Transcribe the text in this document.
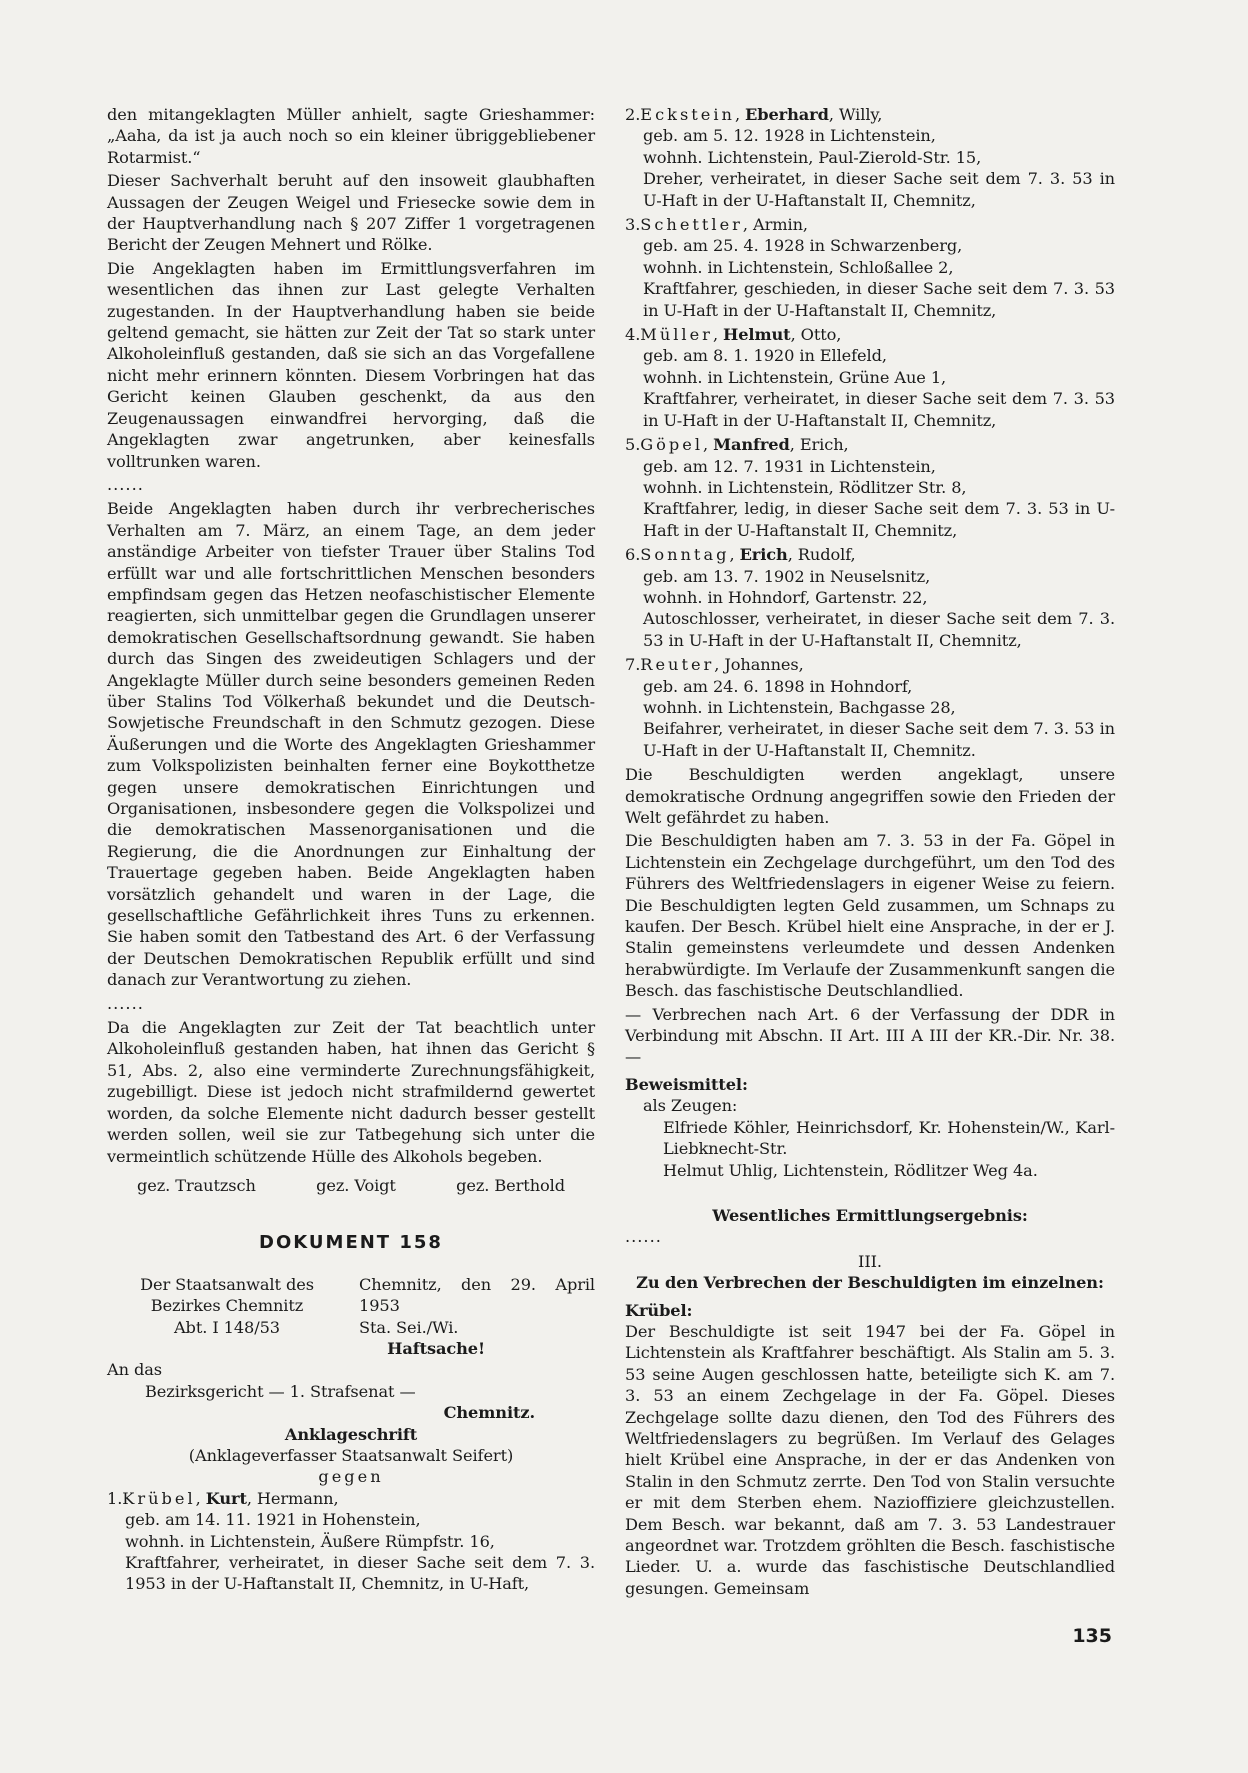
den mitangeklagten Müller anhielt, sagte Grieshammer: „Aaha, da ist ja auch noch so ein kleiner übriggebliebener Rotarmist.“

Dieser Sachverhalt beruht auf den insoweit glaubhaften Aussagen der Zeugen Weigel und Friesecke sowie dem in der Hauptverhandlung nach § 207 Ziffer 1 vorgetragenen Bericht der Zeugen Mehnert und Rölke.

Die Angeklagten haben im Ermittlungsverfahren im wesentlichen das ihnen zur Last gelegte Verhalten zugestanden. In der Hauptverhandlung haben sie beide geltend gemacht, sie hätten zur Zeit der Tat so stark unter Alkoholeinfluß gestanden, daß sie sich an das Vorgefallene nicht mehr erinnern könnten. Diesem Vorbringen hat das Gericht keinen Glauben geschenkt, da aus den Zeugenaussagen einwandfrei hervorging, daß die Angeklagten zwar angetrunken, aber keinesfalls volltrunken waren.

......

Beide Angeklagten haben durch ihr verbrecherisches Verhalten am 7. März, an einem Tage, an dem jeder anständige Arbeiter von tiefster Trauer über Stalins Tod erfüllt war und alle fortschrittlichen Menschen besonders empfindsam gegen das Hetzen neofaschistischer Elemente reagierten, sich unmittelbar gegen die Grundlagen unserer demokratischen Gesellschaftsordnung gewandt. Sie haben durch das Singen des zweideutigen Schlagers und der Angeklagte Müller durch seine besonders gemeinen Reden über Stalins Tod Völkerhaß bekundet und die Deutsch-Sowjetische Freundschaft in den Schmutz gezogen. Diese Äußerungen und die Worte des Angeklagten Grieshammer zum Volkspolizisten beinhalten ferner eine Boykotthetze gegen unsere demokratischen Einrichtungen und Organisationen, insbesondere gegen die Volkspolizei und die demokratischen Massenorganisationen und die Regierung, die die Anordnungen zur Einhaltung der Trauertage gegeben haben. Beide Angeklagten haben vorsätzlich gehandelt und waren in der Lage, die gesellschaftliche Gefährlichkeit ihres Tuns zu erkennen. Sie haben somit den Tatbestand des Art. 6 der Verfassung der Deutschen Demokratischen Republik erfüllt und sind danach zur Verantwortung zu ziehen.

......

Da die Angeklagten zur Zeit der Tat beachtlich unter Alkoholeinfluß gestanden haben, hat ihnen das Gericht § 51, Abs. 2, also eine verminderte Zurechnungsfähigkeit, zugebilligt. Diese ist jedoch nicht strafmildernd gewertet worden, da solche Elemente nicht dadurch besser gestellt werden sollen, weil sie zur Tatbegehung sich unter die vermeintlich schützende Hülle des Alkohols begeben.

gez. Trautzsch	gez. Voigt	gez. Berthold
DOKUMENT 158
Der Staatsanwalt des
Bezirkes Chemnitz
Abt. I 148/53
Chemnitz, den 29. April 1953
Sta. Sei./Wi.
Haftsache!
An das
Bezirksgericht — 1. Strafsenat —
Chemnitz.
Anklageschrift
(Anklageverfasser Staatsanwalt Seifert)
gegen
1.Krübel, Kurt, Hermann,
geb. am 14. 11. 1921 in Hohenstein,
wohnh. in Lichtenstein, Äußere Rümpfstr. 16,
Kraftfahrer, verheiratet, in dieser Sache seit dem 7. 3. 1953 in der U-Haftanstalt II, Chemnitz, in U-Haft,
2.Eckstein, Eberhard, Willy,
geb. am 5. 12. 1928 in Lichtenstein,
wohnh. Lichtenstein, Paul-Zierold-Str. 15,
Dreher, verheiratet, in dieser Sache seit dem 7. 3. 53 in U-Haft in der U-Haftanstalt II, Chemnitz,
3.Schettler, Armin,
geb. am 25. 4. 1928 in Schwarzenberg,
wohnh. in Lichtenstein, Schloßallee 2,
Kraftfahrer, geschieden, in dieser Sache seit dem 7. 3. 53 in U-Haft in der U-Haftanstalt II, Chemnitz,
4.Müller, Helmut, Otto,
geb. am 8. 1. 1920 in Ellefeld,
wohnh. in Lichtenstein, Grüne Aue 1,
Kraftfahrer, verheiratet, in dieser Sache seit dem 7. 3. 53 in U-Haft in der U-Haftanstalt II, Chemnitz,
5.Göpel, Manfred, Erich,
geb. am 12. 7. 1931 in Lichtenstein,
wohnh. in Lichtenstein, Rödlitzer Str. 8,
Kraftfahrer, ledig, in dieser Sache seit dem 7. 3. 53 in U-Haft in der U-Haftanstalt II, Chemnitz,
6.Sonntag, Erich, Rudolf,
geb. am 13. 7. 1902 in Neuselsnitz,
wohnh. in Hohndorf, Gartenstr. 22,
Autoschlosser, verheiratet, in dieser Sache seit dem 7. 3. 53 in U-Haft in der U-Haftanstalt II, Chemnitz,
7.Reuter, Johannes,
geb. am 24. 6. 1898 in Hohndorf,
wohnh. in Lichtenstein, Bachgasse 28,
Beifahrer, verheiratet, in dieser Sache seit dem 7. 3. 53 in U-Haft in der U-Haftanstalt II, Chemnitz.

Die Beschuldigten werden angeklagt, unsere demokratische Ordnung angegriffen sowie den Frieden der Welt gefährdet zu haben.

Die Beschuldigten haben am 7. 3. 53 in der Fa. Göpel in Lichtenstein ein Zechgelage durchgeführt, um den Tod des Führers des Weltfriedenslagers in eigener Weise zu feiern. Die Beschuldigten legten Geld zusammen, um Schnaps zu kaufen. Der Besch. Krübel hielt eine Ansprache, in der er J. Stalin gemeinstens verleumdete und dessen Andenken herabwürdigte. Im Verlaufe der Zusammenkunft sangen die Besch. das faschistische Deutschlandlied.

— Verbrechen nach Art. 6 der Verfassung der DDR in Verbindung mit Abschn. II Art. III A III der KR.-Dir. Nr. 38. —

Beweismittel:
als Zeugen:
Elfriede Köhler, Heinrichsdorf, Kr. Hohenstein/W., Karl-Liebknecht-Str.
Helmut Uhlig, Lichtenstein, Rödlitzer Weg 4a.
Wesentliches Ermittlungsergebnis:
......
III.
Zu den Verbrechen der Beschuldigten im einzelnen:
Krübel:

Der Beschuldigte ist seit 1947 bei der Fa. Göpel in Lichtenstein als Kraftfahrer beschäftigt. Als Stalin am 5. 3. 53 seine Augen geschlossen hatte, beteiligte sich K. am 7. 3. 53 an einem Zechgelage in der Fa. Göpel. Dieses Zechgelage sollte dazu dienen, den Tod des Führers des Weltfriedenslagers zu begrüßen. Im Verlauf des Gelages hielt Krübel eine Ansprache, in der er das Andenken von Stalin in den Schmutz zerrte. Den Tod von Stalin versuchte er mit dem Sterben ehem. Nazioffiziere gleichzustellen. Dem Besch. war bekannt, daß am 7. 3. 53 Landestrauer angeordnet war. Trotzdem gröhlten die Besch. faschistische Lieder. U. a. wurde das faschistische Deutschlandlied gesungen. Gemeinsam

135
